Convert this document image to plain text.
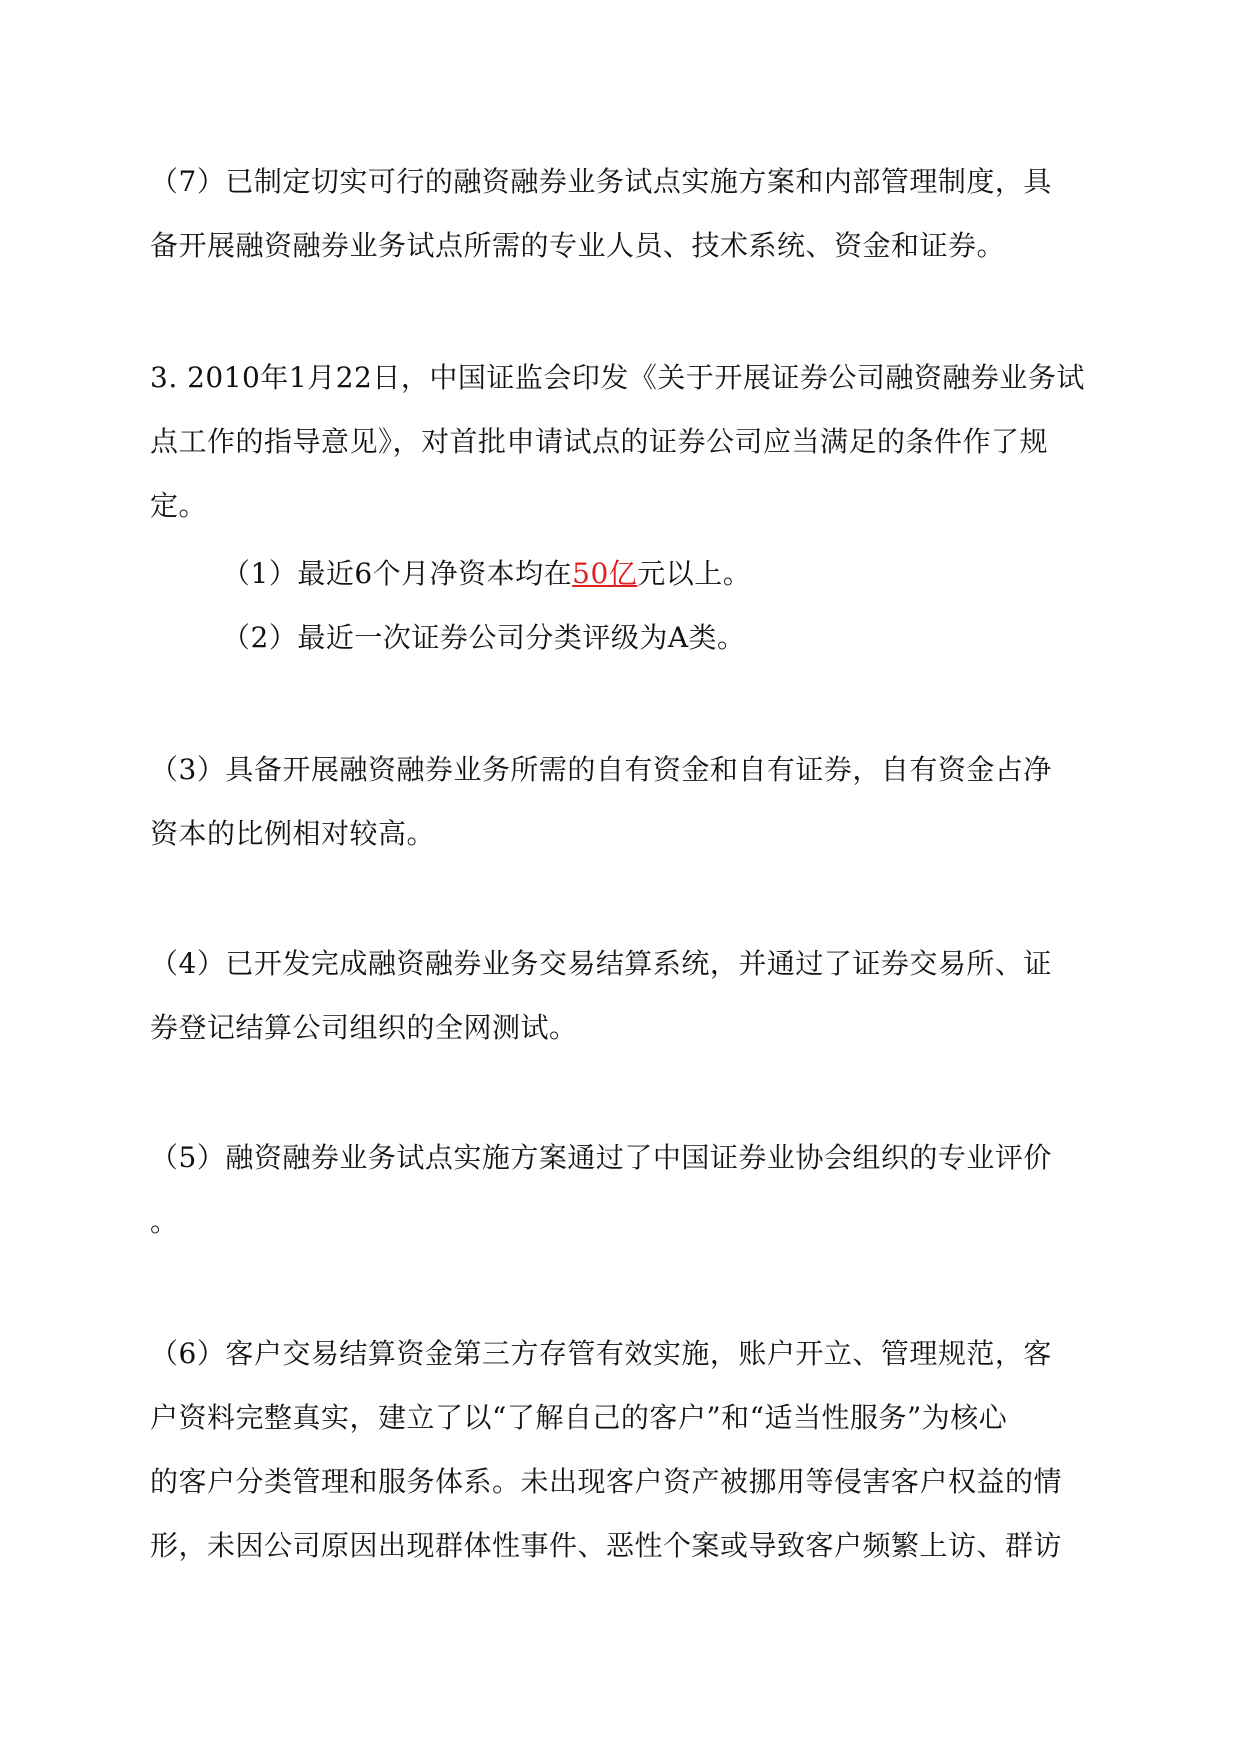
（7）已制定切实可行的融资融券业务试点实施方案和内部管理制度，具
备开展融资融券业务试点所需的专业人员、技术系统、资金和证券。

3. 2010年1月22日，中国证监会印发《关于开展证券公司融资融券业务试
点工作的指导意见》，对首批申请试点的证券公司应当满足的条件作了规
定。

（1）最近6个月净资本均在50亿元以上。

（2）最近一次证券公司分类评级为A类。

（3）具备开展融资融券业务所需的自有资金和自有证券，自有资金占净
资本的比例相对较高。

（4）已开发完成融资融券业务交易结算系统，并通过了证券交易所、证
券登记结算公司组织的全网测试。

（5）融资融券业务试点实施方案通过了中国证券业协会组织的专业评价
。

（6）客户交易结算资金第三方存管有效实施，账户开立、管理规范，客
户资料完整真实，建立了以“了解自己的客户”和“适当性服务”为核心
的客户分类管理和服务体系。未出现客户资产被挪用等侵害客户权益的情
形，未因公司原因出现群体性事件、恶性个案或导致客户频繁上访、群访
